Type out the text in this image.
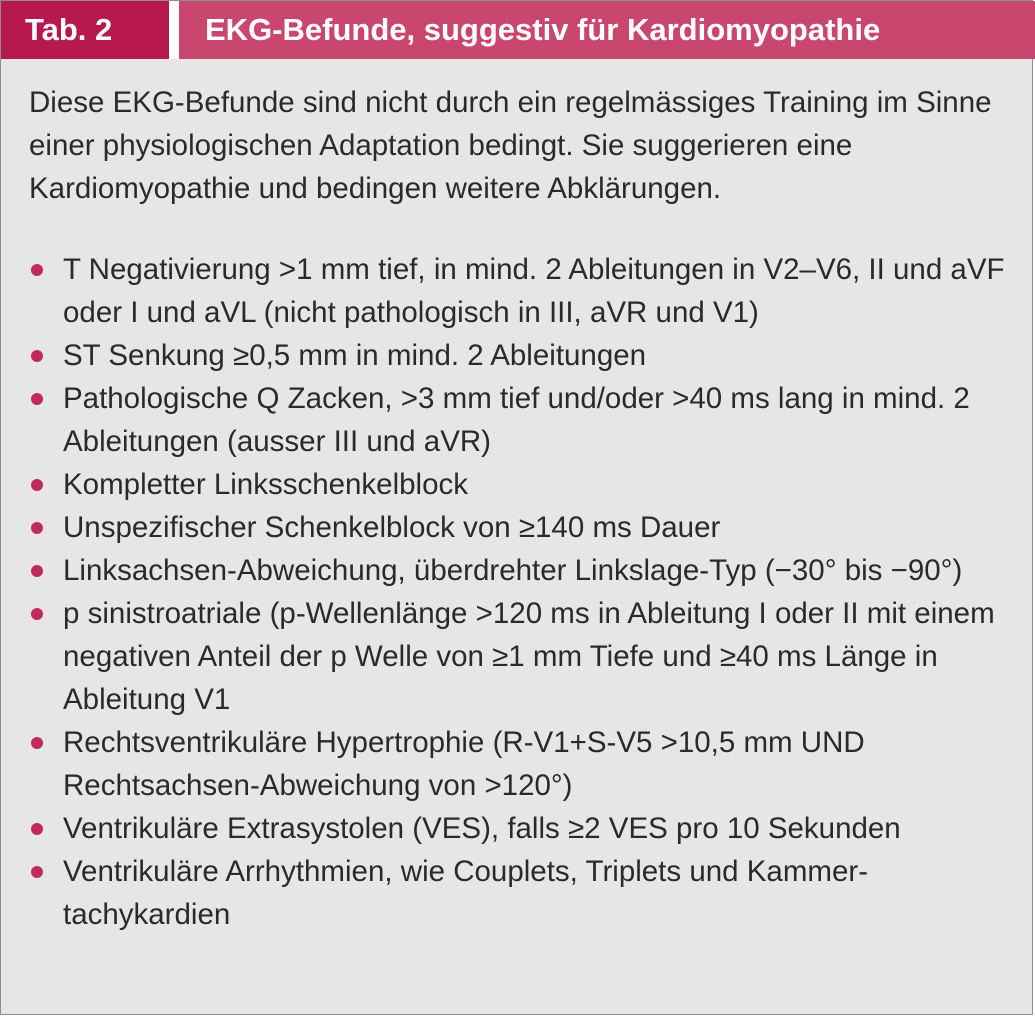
Tab. 2	EKG-Befunde, suggestiv für Kardiomyopathie

Diese EKG-Befunde sind nicht durch ein regelmässiges Training im Sinne einer physiologischen Adaptation bedingt. Sie suggerieren eine Kardiomyopathie und bedingen weitere Abklärungen.

T Negativierung >1 mm tief, in mind. 2 Ableitungen in V2–V6, II und aVF oder I und aVL (nicht pathologisch in III, aVR und V1)
ST Senkung ≥0,5 mm in mind. 2 Ableitungen
Pathologische Q Zacken, >3 mm tief und/oder >40 ms lang in mind. 2 Ableitungen (ausser III und aVR)
Kompletter Linksschenkelblock
Unspezifischer Schenkelblock von ≥140 ms Dauer
Linksachsen-Abweichung, überdrehter Linkslage-Typ (−30° bis −90°)
p sinistroatriale (p-Wellenlänge >120 ms in Ableitung I oder II mit einem negativen Anteil der p Welle von ≥1 mm Tiefe und ≥40 ms Länge in Ableitung V1
Rechtsventrikuläre Hypertrophie (R-V1+S-V5 >10,5 mm UND Rechtsachsen-Abweichung von >120°)
Ventrikuläre Extrasystolen (VES), falls ≥2 VES pro 10 Sekunden
Ventrikuläre Arrhythmien, wie Couplets, Triplets und Kammertachykardien
